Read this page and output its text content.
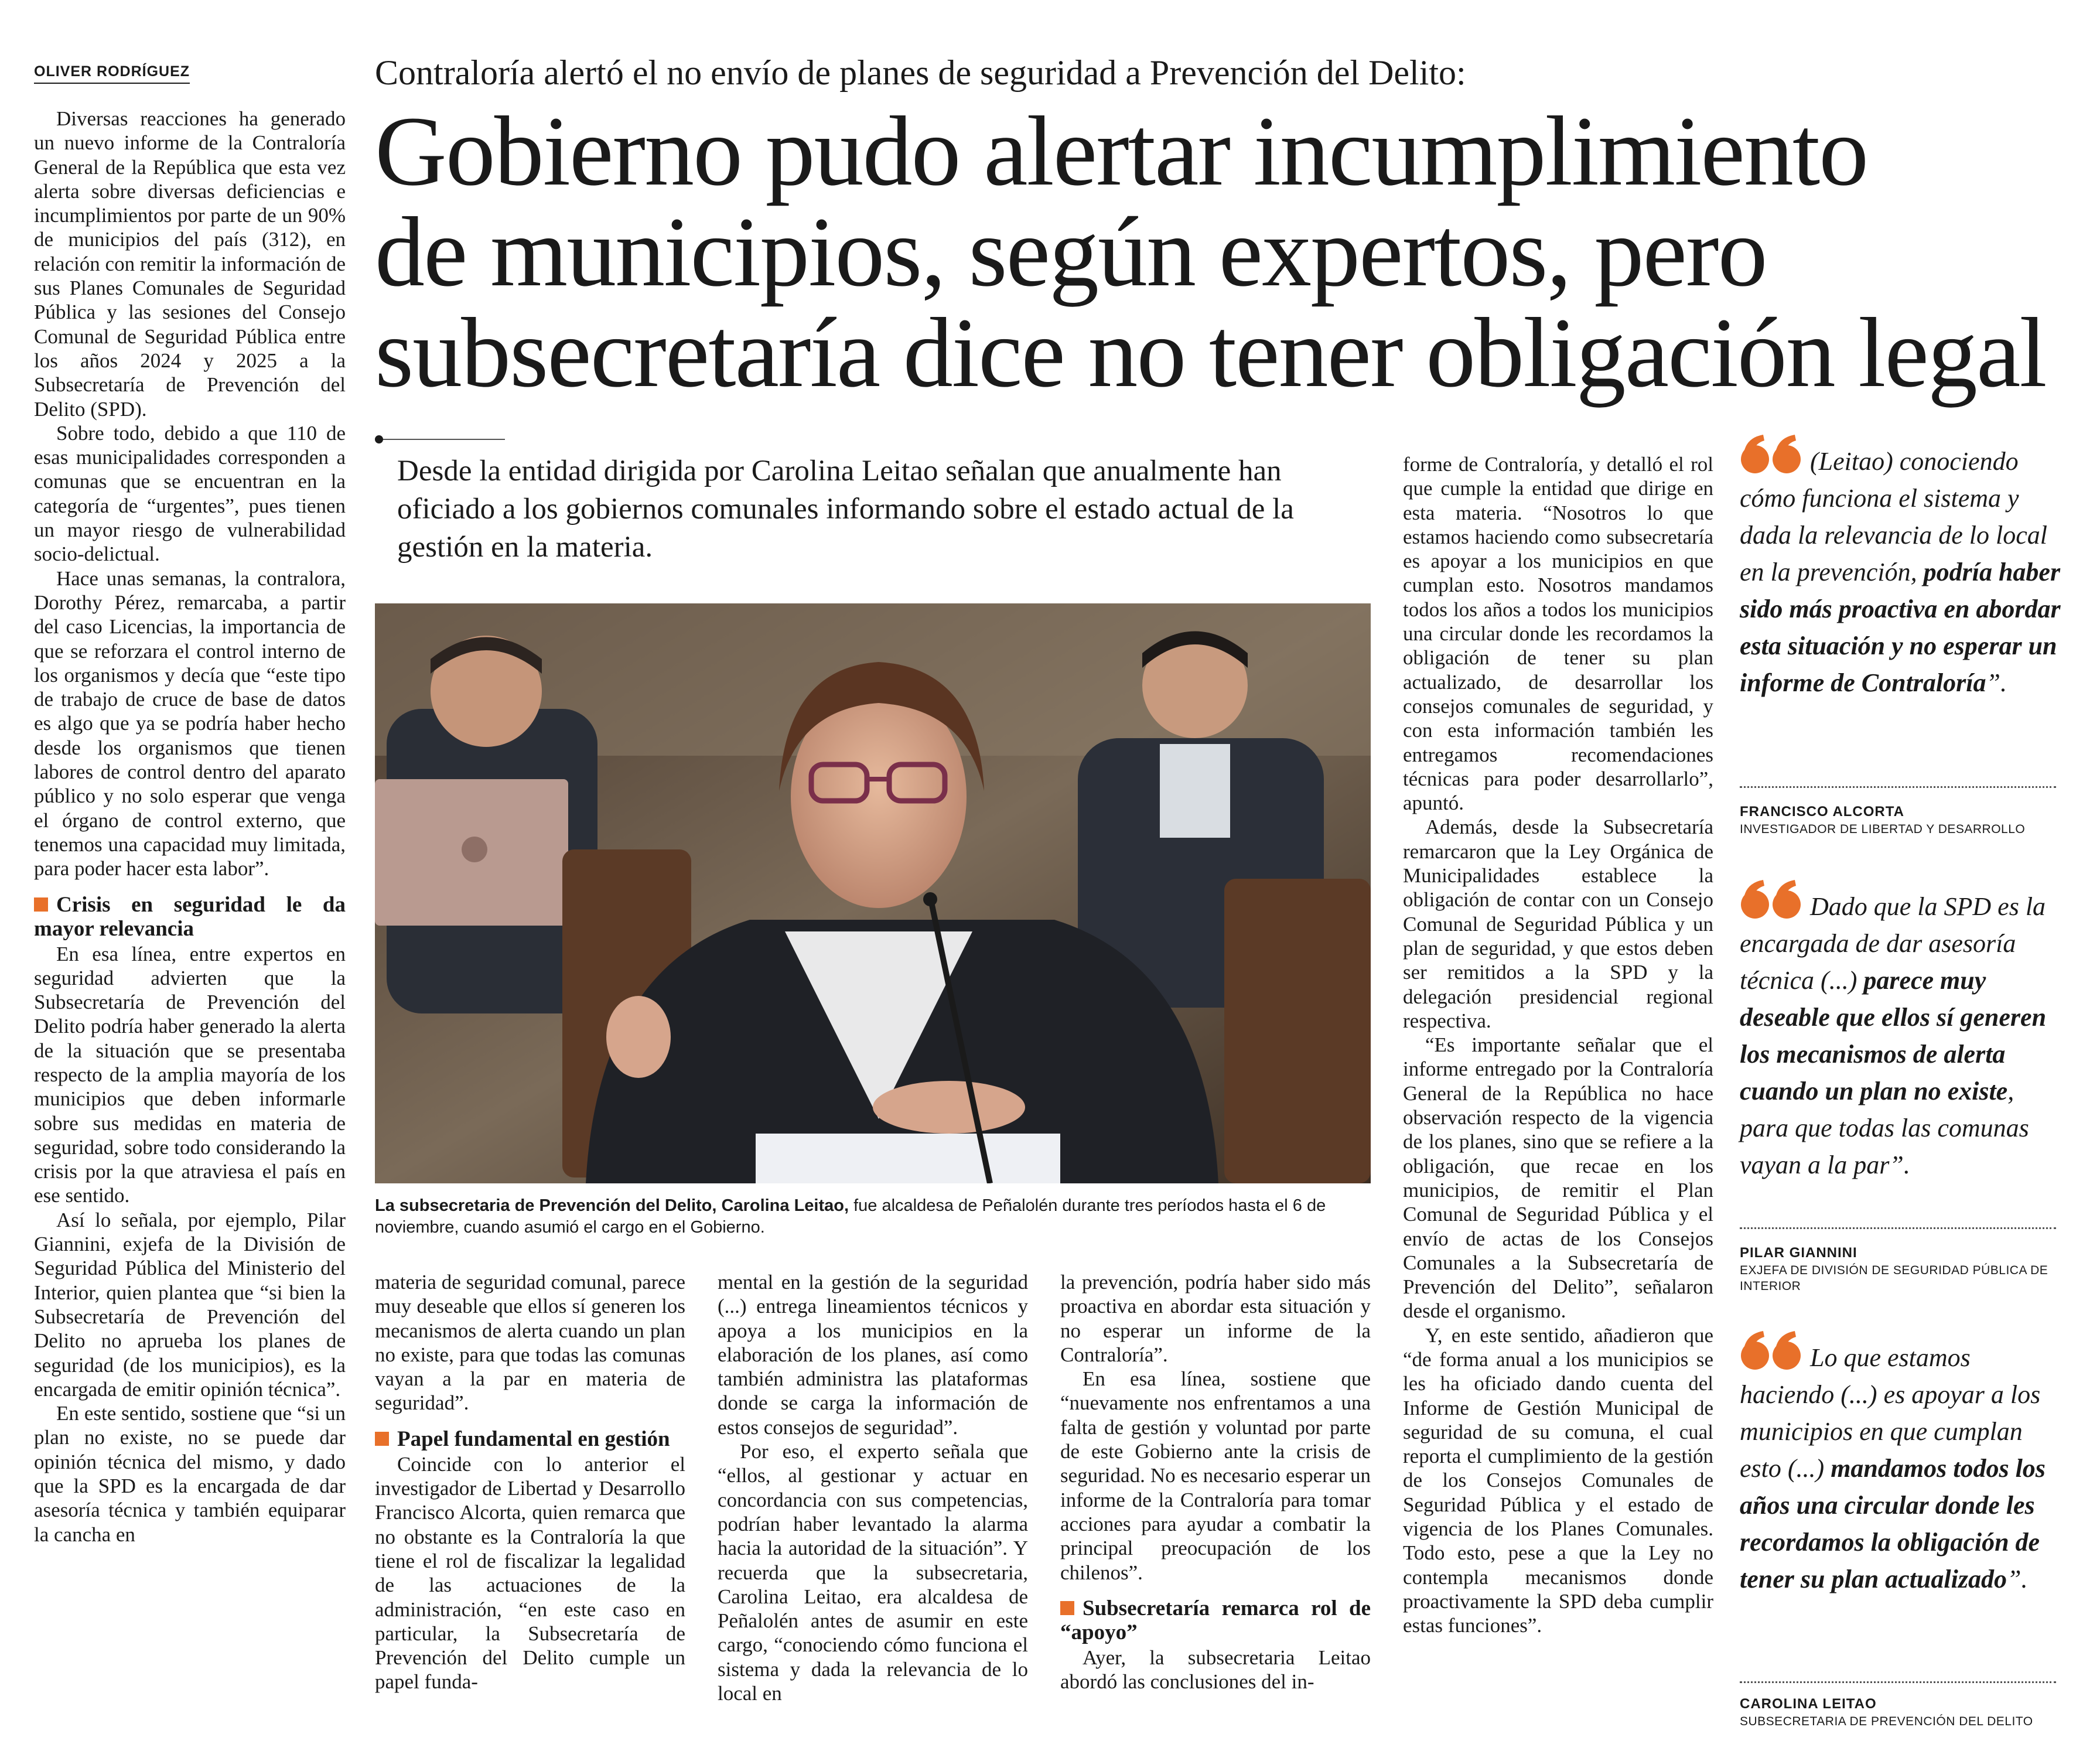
OLIVER RODRÍGUEZ	Contraloría alertó el no envío de planes de seguridad a Prevención del Delito:
Gobierno pudo alertar incumplimiento
de municipios, según expertos, pero
subsecretaría dice no tener obligación legal
Desde la entidad dirigida por Carolina Leitao señalan que anualmente han oficiado a los gobiernos comunales informando sobre el estado actual de la gestión en la materia.

Diversas reacciones ha generado un nuevo informe de la Contraloría General de la República que esta vez alerta sobre diversas deficiencias e incumplimientos por parte de un 90% de municipios del país (312), en relación con remitir la información de sus Planes Comunales de Seguridad Pública y las sesiones del Consejo Comunal de Seguridad Pública entre los años 2024 y 2025 a la Subsecretaría de Prevención del Delito (SPD).

Sobre todo, debido a que 110 de esas municipalidades corresponden a comunas que se encuentran en la categoría de “urgentes”, pues tienen un mayor riesgo de vulnerabilidad socio-delictual.

Hace unas semanas, la contralora, Dorothy Pérez, remarcaba, a partir del caso Licencias, la importancia de que se reforzara el control interno de los organismos y decía que “este tipo de trabajo de cruce de base de datos es algo que ya se podría haber hecho desde los organismos que tienen labores de control dentro del aparato público y no solo esperar que venga el órgano de control externo, que tenemos una capacidad muy limitada, para poder hacer esta labor”.

Crisis en seguridad le da mayor relevancia

En esa línea, entre expertos en seguridad advierten que la Subsecretaría de Prevención del Delito podría haber generado la alerta de la situación que se presentaba respecto de la amplia mayoría de los municipios que deben informarle sobre sus medidas en materia de seguridad, sobre todo considerando la crisis por la que atraviesa el país en ese sentido.

Así lo señala, por ejemplo, Pilar Giannini, exjefa de la División de Seguridad Pública del Ministerio del Interior, quien plantea que “si bien la Subsecretaría de Prevención del Delito no aprueba los planes de seguridad (de los municipios), es la encargada de emitir opinión técnica”.

En este sentido, sostiene que “si un plan no existe, no se puede dar opinión técnica del mismo, y dado que la SPD es la encargada de dar asesoría técnica y también equiparar la cancha en

La subsecretaria de Prevención del Delito, Carolina Leitao, fue alcaldesa de Peñalolén durante tres períodos hasta el 6 de noviembre, cuando asumió el cargo en el Gobierno.

materia de seguridad comunal, parece muy deseable que ellos sí generen los mecanismos de alerta cuando un plan no existe, para que todas las comunas vayan a la par en materia de seguridad”.

Papel fundamental en gestión

Coincide con lo anterior el investigador de Libertad y Desarrollo Francisco Alcorta, quien remarca que no obstante es la Contraloría la que tiene el rol de fiscalizar la legalidad de las actuaciones de la administración, “en este caso en particular, la Subsecretaría de Prevención del Delito cumple un papel funda-

mental en la gestión de la seguridad (...) entrega lineamientos técnicos y apoya a los municipios en la elaboración de los planes, así como también administra las plataformas donde se carga la información de estos consejos de seguridad”.

Por eso, el experto señala que “ellos, al gestionar y actuar en concordancia con sus competencias, podrían haber levantado la alarma hacia la autoridad de la situación”. Y recuerda que la subsecretaria, Carolina Leitao, era alcaldesa de Peñalolén antes de asumir en este cargo, “conociendo cómo funciona el sistema y dada la relevancia de lo local en

la prevención, podría haber sido más proactiva en abordar esta situación y no esperar un informe de la Contraloría”.

En esa línea, sostiene que “nuevamente nos enfrentamos a una falta de gestión y voluntad por parte de este Gobierno ante la crisis de seguridad. No es necesario esperar un informe de la Contraloría para tomar acciones para ayudar a combatir la principal preocupación de los chilenos”.

Subsecretaría remarca rol de “apoyo”

Ayer, la subsecretaria Leitao abordó las conclusiones del in-

forme de Contraloría, y detalló el rol que cumple la entidad que dirige en esta materia. “Nosotros lo que estamos haciendo como subsecretaría es apoyar a los municipios en que cumplan esto. Nosotros mandamos todos los años a todos los municipios una circular donde les recordamos la obligación de tener su plan actualizado, de desarrollar los consejos comunales de seguridad, y con esta información también les entregamos recomendaciones técnicas para poder desarrollarlo”, apuntó.

Además, desde la Subsecretaría remarcaron que la Ley Orgánica de Municipalidades establece la obligación de contar con un Consejo Comunal de Seguridad Pública y un plan de seguridad, y que estos deben ser remitidos a la SPD y la delegación presidencial regional respectiva.

“Es importante señalar que el informe entregado por la Contraloría General de la República no hace observación respecto de la vigencia de los planes, sino que se refiere a la obligación, que recae en los municipios, de remitir el Plan Comunal de Seguridad Pública y el envío de actas de los Consejos Comunales a la Subsecretaría de Prevención del Delito”, señalaron desde el organismo.

Y, en este sentido, añadieron que “de forma anual a los municipios se les ha oficiado dando cuenta del Informe de Gestión Municipal de seguridad de su comuna, el cual reporta el cumplimiento de la gestión de los Consejos Comunales de Seguridad Pública y el estado de vigencia de los Planes Comunales. Todo esto, pese a que la Ley no contempla mecanismos donde proactivamente la SPD deba cumplir estas funciones”.

(Leitao) conociendo cómo funciona el sistema y dada la relevancia de lo local en la prevención, podría haber sido más proactiva en abordar esta situación y no esperar un informe de Contraloría”.
FRANCISCO ALCORTA
INVESTIGADOR DE LIBERTAD Y DESARROLLO
Dado que la SPD es la encargada de dar asesoría técnica (...) parece muy deseable que ellos sí generen los mecanismos de alerta cuando un plan no existe, para que todas las comunas vayan a la par”.
PILAR GIANNINI
EXJEFA DE DIVISIÓN DE SEGURIDAD PÚBLICA DE INTERIOR
Lo que estamos haciendo (...) es apoyar a los municipios en que cumplan esto (...) mandamos todos los años una circular donde les recordamos la obligación de tener su plan actualizado”.
CAROLINA LEITAO
SUBSECRETARIA DE PREVENCIÓN DEL DELITO
